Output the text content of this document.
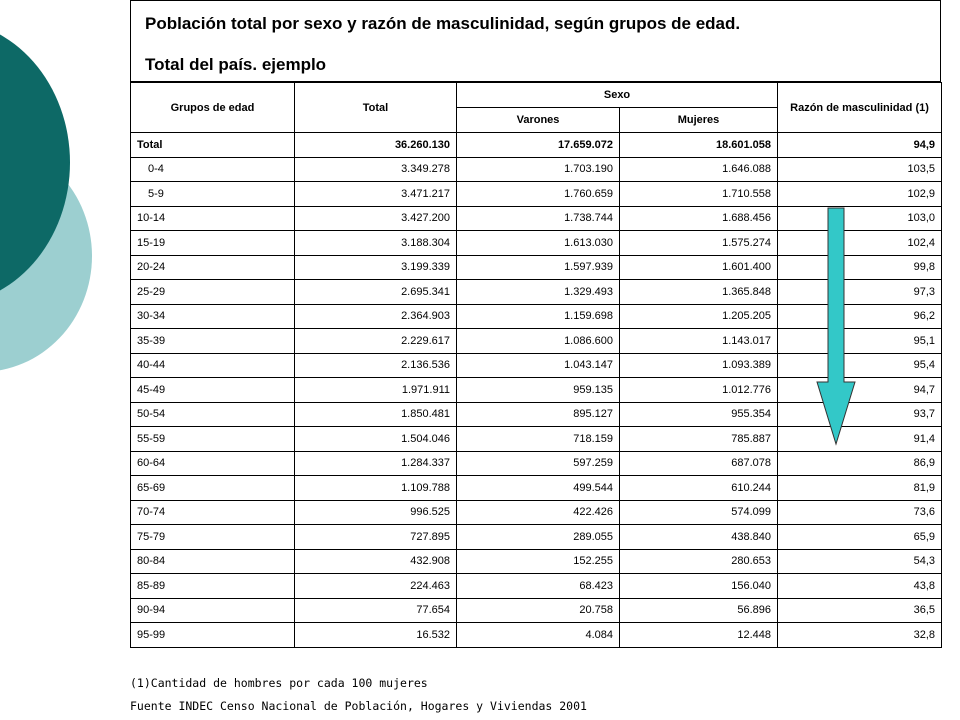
Población total por sexo y razón de masculinidad, según grupos de edad.
Total del país. ejemplo
Grupos de edad	Total	Sexo		Razón de masculinidad (1)
		Varones	Mujeres	
Total	36.260.130	17.659.072	18.601.058	94,9
0-4	3.349.278	1.703.190	1.646.088	103,5
5-9	3.471.217	1.760.659	1.710.558	102,9
10-14	3.427.200	1.738.744	1.688.456	103,0
15-19	3.188.304	1.613.030	1.575.274	102,4
20-24	3.199.339	1.597.939	1.601.400	99,8
25-29	2.695.341	1.329.493	1.365.848	97,3
30-34	2.364.903	1.159.698	1.205.205	96,2
35-39	2.229.617	1.086.600	1.143.017	95,1
40-44	2.136.536	1.043.147	1.093.389	95,4
45-49	1.971.911	959.135	1.012.776	94,7
50-54	1.850.481	895.127	955.354	93,7
55-59	1.504.046	718.159	785.887	91,4
60-64	1.284.337	597.259	687.078	86,9
65-69	1.109.788	499.544	610.244	81,9
70-74	996.525	422.426	574.099	73,6
75-79	727.895	289.055	438.840	65,9
80-84	432.908	152.255	280.653	54,3
85-89	224.463	68.423	156.040	43,8
90-94	77.654	20.758	56.896	36,5
95-99	16.532	4.084	12.448	32,8
(1)Cantidad de hombres por cada 100 mujeres
Fuente INDEC Censo Nacional de Población, Hogares y Viviendas 2001
